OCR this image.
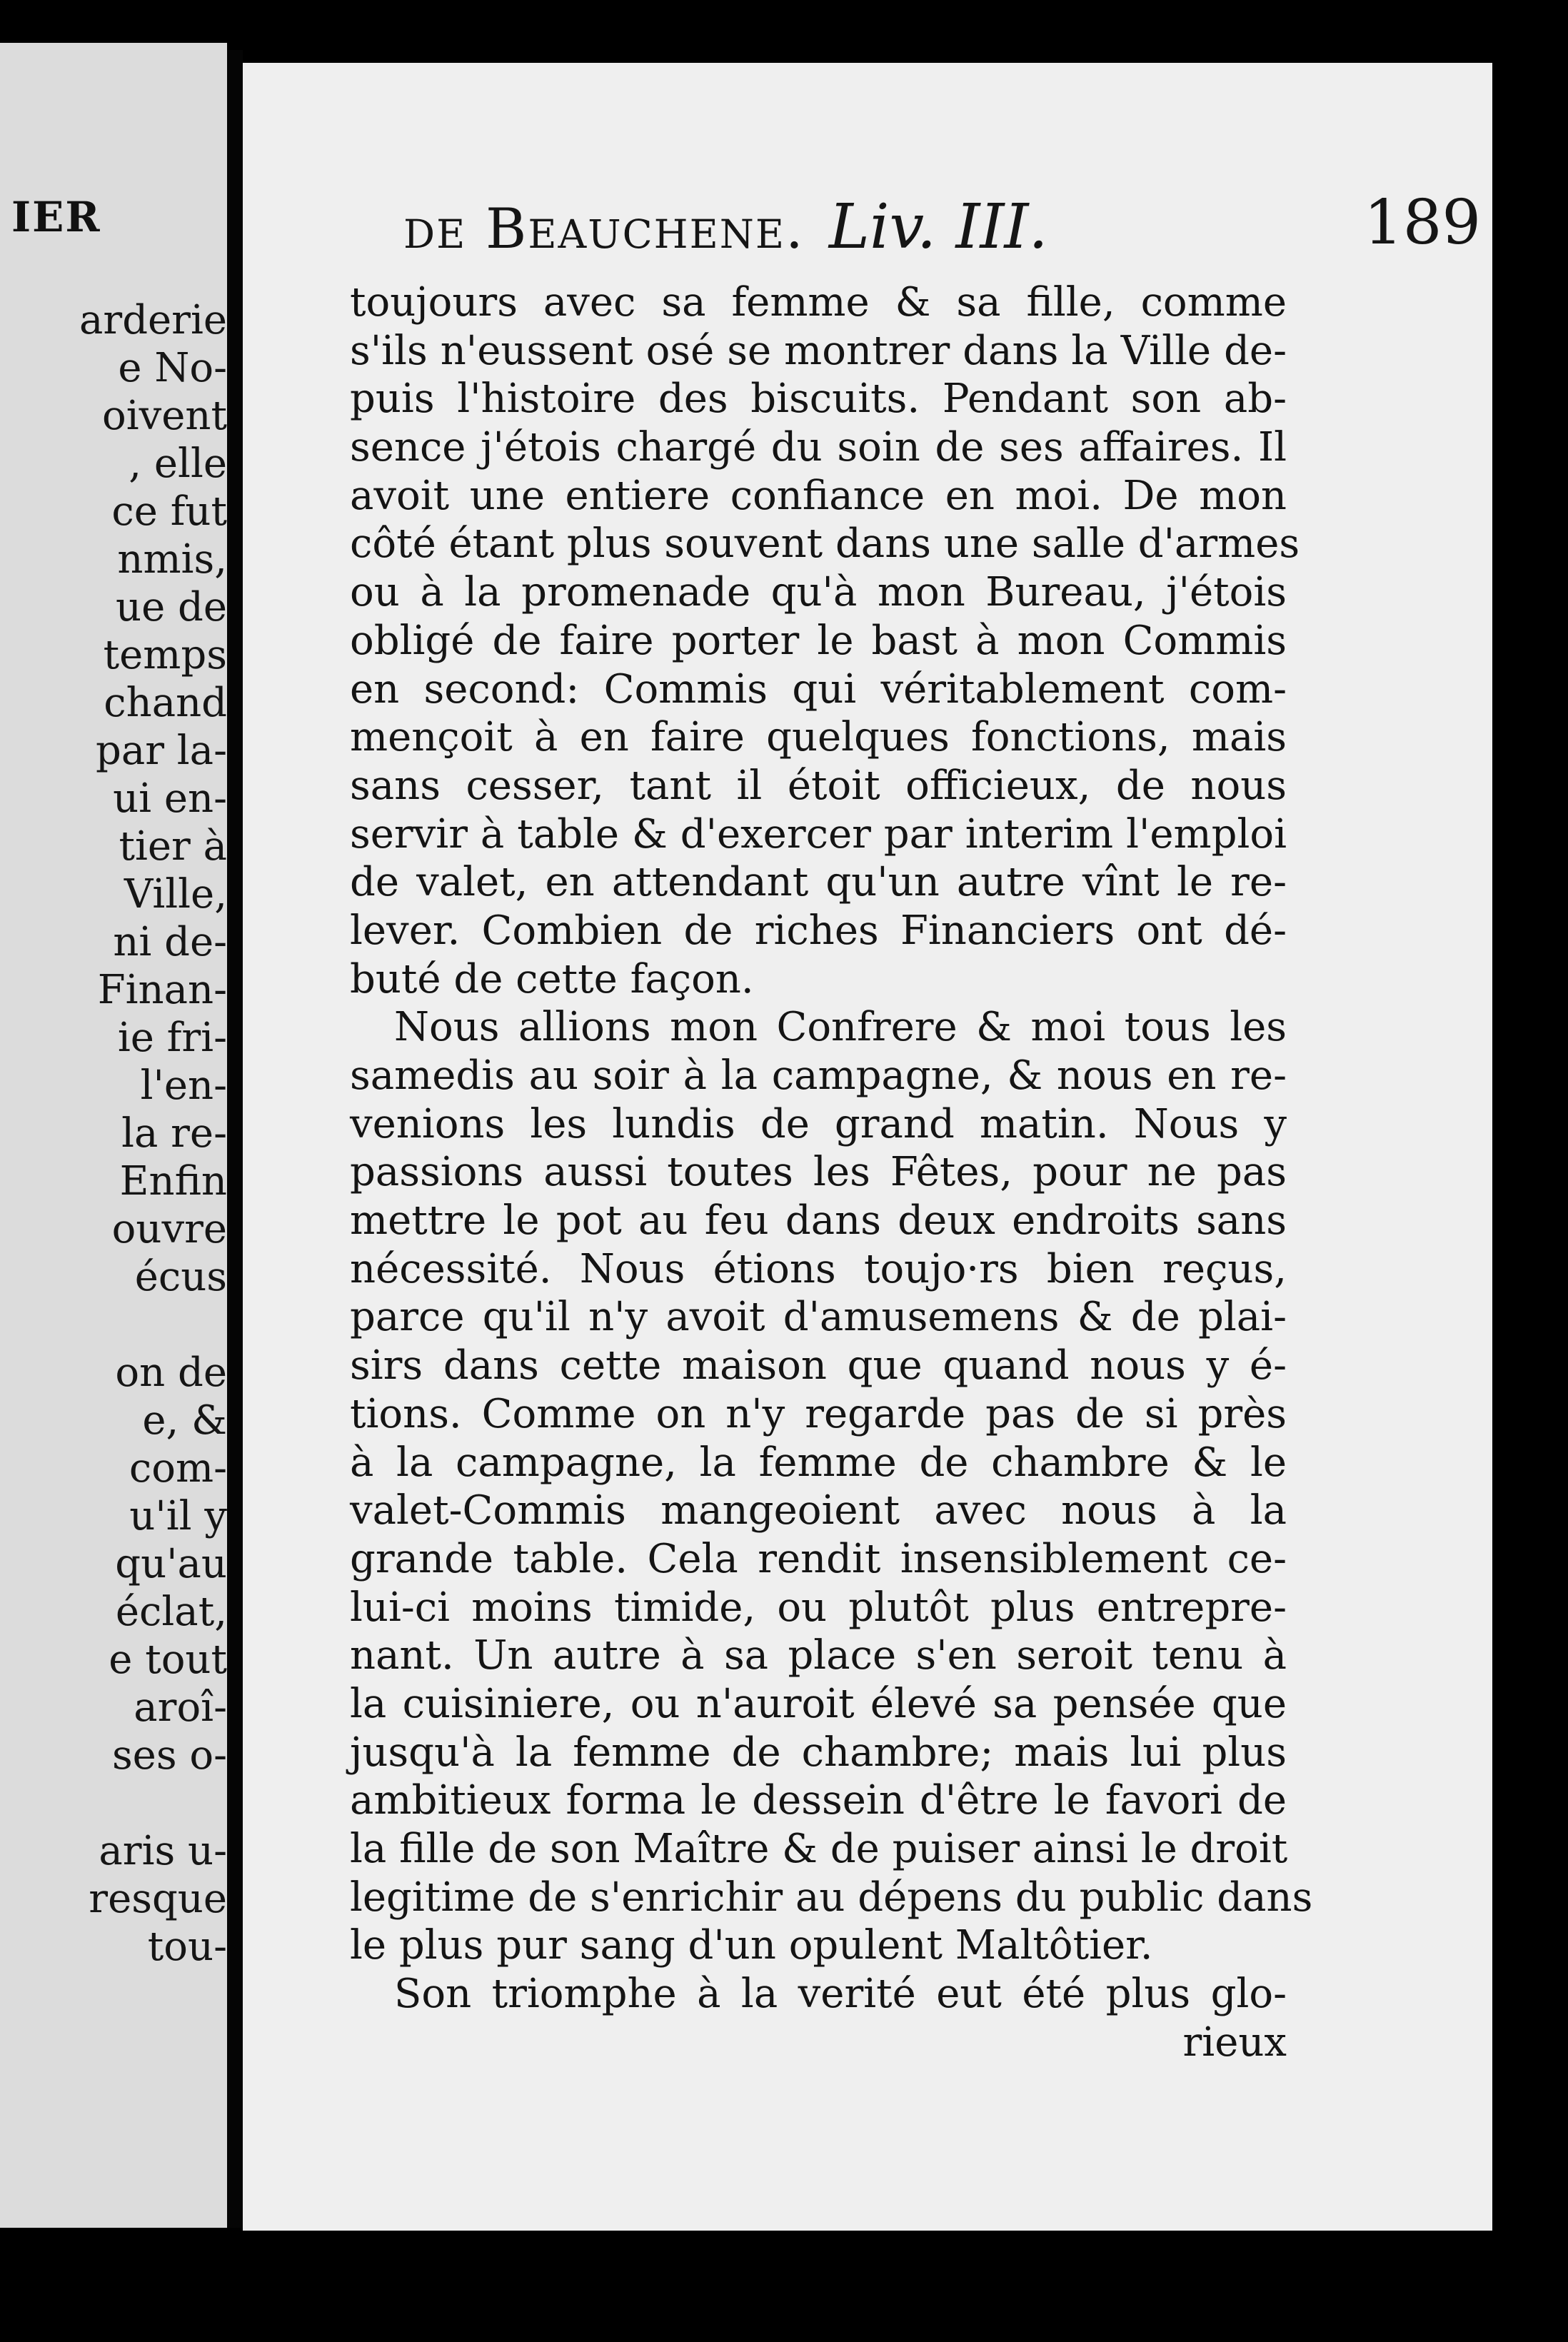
IER
arderie
e No-
oivent
, elle
ce fut
nmis,
ue de
temps
chand
par la-
ui en-
tier à
Ville,
ni de-
Finan-
ie fri-
l'en-
la re-
Enfin
ouvre
écus
on de
e, &
com-
u'il y
qu'au
éclat,
e tout
aroî-
ses o-
aris u-
resque
tou-
de Beauchene. Liv. III.	189
toujours avec sa femme & sa fille, comme
s'ils n'eussent osé se montrer dans la Ville de-
puis l'histoire des biscuits. Pendant son ab-
sence j'étois chargé du soin de ses affaires. Il
avoit une entiere confiance en moi. De mon
côté étant plus souvent dans une salle d'armes
ou à la promenade qu'à mon Bureau, j'étois
obligé de faire porter le bast à mon Commis
en second: Commis qui véritablement com-
mençoit à en faire quelques fonctions, mais
sans cesser, tant il étoit officieux, de nous
servir à table & d'exercer par interim l'emploi
de valet, en attendant qu'un autre vînt le re-
lever. Combien de riches Financiers ont dé-
buté de cette façon.
Nous allions mon Confrere & moi tous les
samedis au soir à la campagne, & nous en re-
venions les lundis de grand matin. Nous y
passions aussi toutes les Fêtes, pour ne pas
mettre le pot au feu dans deux endroits sans
nécessité. Nous étions toujo·rs bien reçus,
parce qu'il n'y avoit d'amusemens & de plai-
sirs dans cette maison que quand nous y é-
tions. Comme on n'y regarde pas de si près
à la campagne, la femme de chambre & le
valet-Commis mangeoient avec nous à la
grande table. Cela rendit insensiblement ce-
lui-ci moins timide, ou plutôt plus entrepre-
nant. Un autre à sa place s'en seroit tenu à
la cuisiniere, ou n'auroit élevé sa pensée que
jusqu'à la femme de chambre; mais lui plus
ambitieux forma le dessein d'être le favori de
la fille de son Maître & de puiser ainsi le droit
legitime de s'enrichir au dépens du public dans
le plus pur sang d'un opulent Maltôtier.
Son triomphe à la verité eut été plus glo-
rieux
